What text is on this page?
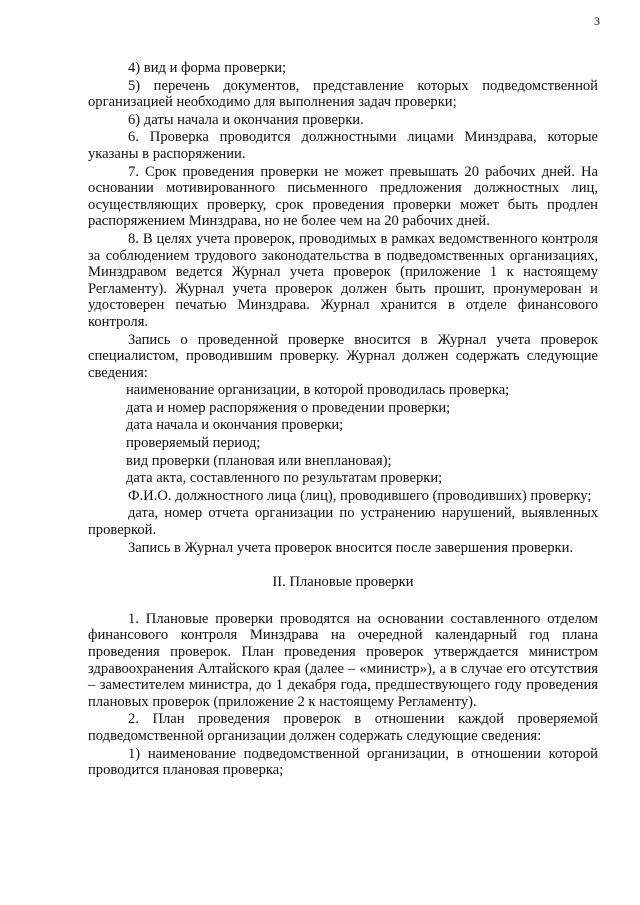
3

4) вид и форма проверки;

5) перечень документов, представление которых подведомственной организацией необходимо для выполнения задач проверки;

6) даты начала и окончания проверки.

6. Проверка проводится должностными лицами Минздрава, которые указаны в распоряжении.

7. Срок проведения проверки не может превышать 20 рабочих дней. На основании мотивированного письменного предложения должностных лиц, осуществляющих проверку, срок проведения проверки может быть продлен распоряжением Минздрава, но не более чем на 20 рабочих дней.

8. В целях учета проверок, проводимых в рамках ведомственного контроля за соблюдением трудового законодательства в подведомственных организациях, Минздравом ведется Журнал учета проверок (приложение 1 к настоящему Регламенту). Журнал учета проверок должен быть прошит, пронумерован и удостоверен печатью Минздрава. Журнал хранится в отделе финансового контроля.

Запись о проведенной проверке вносится в Журнал учета проверок специалистом, проводившим проверку. Журнал должен содержать следующие сведения:

наименование организации, в которой проводилась проверка;

дата и номер распоряжения о проведении проверки;

дата начала и окончания проверки;

проверяемый период;

вид проверки (плановая или внеплановая);

дата акта, составленного по результатам проверки;

Ф.И.О. должностного лица (лиц), проводившего (проводивших) проверку;

дата, номер отчета организации по устранению нарушений, выявленных проверкой.

Запись в Журнал учета проверок вносится после завершения проверки.

II. Плановые проверки

1. Плановые проверки проводятся на основании составленного отделом финансового контроля Минздрава на очередной календарный год плана проведения проверок. План проведения проверок утверждается министром здравоохранения Алтайского края (далее – «министр»), а в случае его отсутствия – заместителем министра, до 1 декабря года, предшествующего году проведения плановых проверок (приложение 2 к настоящему Регламенту).

2. План проведения проверок в отношении каждой проверяемой подведомственной организации должен содержать следующие сведения:

1) наименование подведомственной организации, в отношении которой проводится плановая проверка;
